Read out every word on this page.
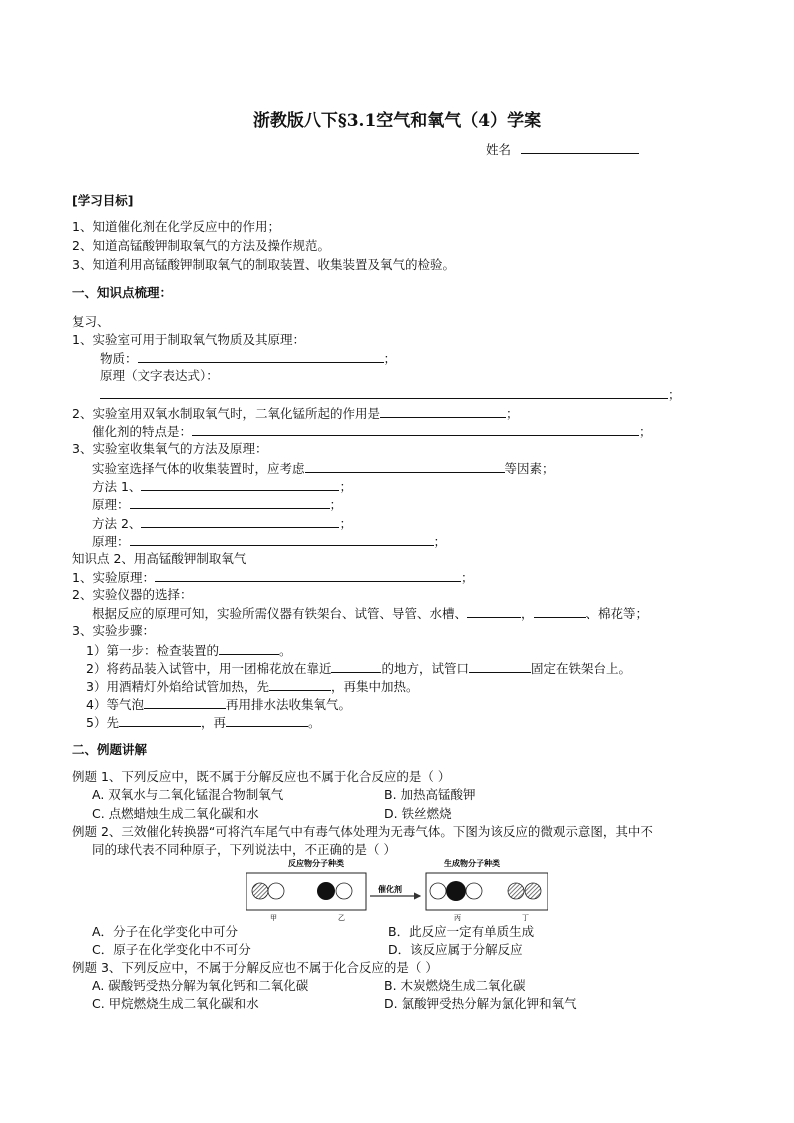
浙教版八下§3.1空气和氧气（4）学案
姓名
[学习目标]
1、知道催化剂在化学反应中的作用；
2、知道高锰酸钾制取氧气的方法及操作规范。
3、知道利用高锰酸钾制取氧气的制取装置、收集装置及氧气的检验。
一、知识点梳理：
复习、
1、实验室可用于制取氧气物质及其原理：
物质：	；
原理（文字表达式）：
；
2、实验室用双氧水制取氧气时，二氧化锰所起的作用是	；
催化剂的特点是：	；
3、实验室收集氧气的方法及原理：
实验室选择气体的收集装置时，应考虑	等因素；
方法 1、	；
原理：	；
方法 2、	；
原理：	；
知识点 2、用高锰酸钾制取氧气
1、实验原理：	；
2、实验仪器的选择：
根据反应的原理可知，实验所需仪器有铁架台、试管、导管、水槽、	，	、棉花等；
3、实验步骤：
1）第一步：检查装置的	。
2）将药品装入试管中，用一团棉花放在靠近	的地方，试管口	固定在铁架台上。
3）用酒精灯外焰给试管加热，先	，再集中加热。
4）等气泡	再用排水法收集氧气。
5）先	，再	。
二、例题讲解
例题 1、下列反应中，既不属于分解反应也不属于化合反应的是（ ）
A. 双氧水与二氧化锰混合物制氧气	B. 加热高锰酸钾
C. 点燃蜡烛生成二氧化碳和水	D. 铁丝燃烧
例题 2、三效催化转换器“可将汽车尾气中有毒气体处理为无毒气体。下图为该反应的微观示意图，其中不
同的球代表不同种原子，下列说法中，不正确的是（ ）
反应物分子种类	生成物分子种类
催化剂
甲	乙	丙	丁
A．分子在化学变化中可分	B．此反应一定有单质生成
C．原子在化学变化中不可分	D．该反应属于分解反应
例题 3、下列反应中，不属于分解反应也不属于化合反应的是（ ）
A. 碳酸钙受热分解为氧化钙和二氧化碳	B. 木炭燃烧生成二氧化碳
C. 甲烷燃烧生成二氧化碳和水	D. 氯酸钾受热分解为氯化钾和氧气
